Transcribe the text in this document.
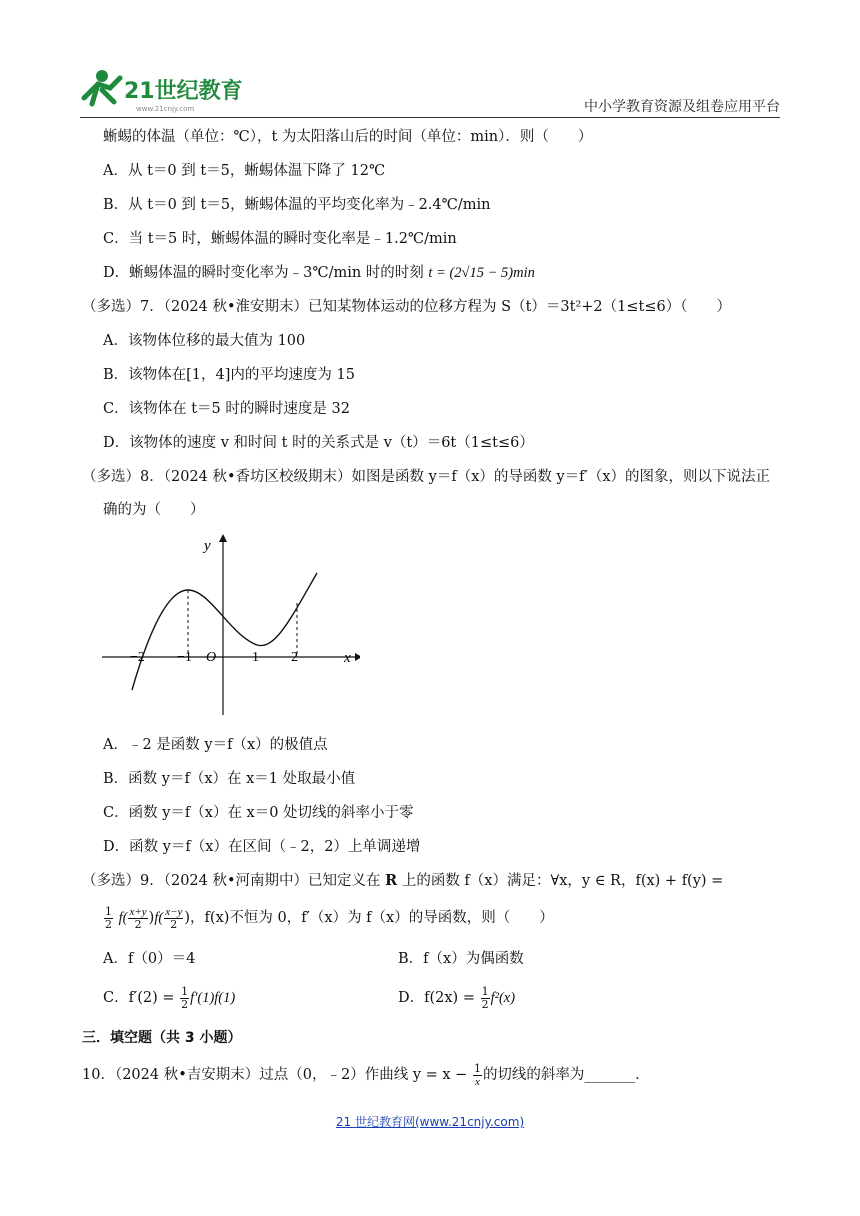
21世纪教育
www.21cnjy.com	中小学教育资源及组卷应用平台
蜥蜴的体温（单位：℃），t 为太阳落山后的时间（单位：min）．则（　　）
A．从 t＝0 到 t＝5，蜥蜴体温下降了 12℃
B．从 t＝0 到 t＝5，蜥蜴体温的平均变化率为﹣2.4℃/min
C．当 t＝5 时，蜥蜴体温的瞬时变化率是﹣1.2℃/min
D．蜥蜴体温的瞬时变化率为﹣3℃/min 时的时刻 t = (2√15 − 5)min
（多选）7．（2024 秋•淮安期末）已知某物体运动的位移方程为 S（t）＝3t²+2（1≤t≤6）（　　）
A．该物体位移的最大值为 100
B．该物体在[1，4]内的平均速度为 15
C．该物体在 t＝5 时的瞬时速度是 32
D．该物体的速度 v 和时间 t 时的关系式是 v（t）＝6t（1≤t≤6）
（多选）8．（2024 秋•香坊区校级期末）如图是函数 y＝f（x）的导函数 y＝f′（x）的图象，则以下说法正
确的为（　　）
y
x
O
−2 −1	1 2
A．﹣2 是函数 y＝f（x）的极值点
B．函数 y＝f（x）在 x＝1 处取最小值
C．函数 y＝f（x）在 x＝0 处切线的斜率小于零
D．函数 y＝f（x）在区间（﹣2，2）上单调递增
（多选）9．（2024 秋•河南期中）已知定义在 R 上的函数 f（x）满足：∀x，y ∈ R，f(x) + f(y) =
$\frac{1}{2} f( \frac{x+y}{2} )f( \frac{x-y}{2}$ )，f(x)不恒为 0，f′（x）为 f（x）的导函数，则（　　）
A．f（0）＝4	B．f（x）为偶函数
C．$f'(2) = \frac{1}{2} f'(1)f(1)$	D．$f(2x) = \frac{1}{2} f^2(x)$
三．填空题（共 3 小题）
10．（2024 秋•吉安期末）过点（0，﹣2）作曲线 $y = x - \frac{1}{x}$ 的切线的斜率为_______．
21 世纪教育网(www.21cnjy.com)
